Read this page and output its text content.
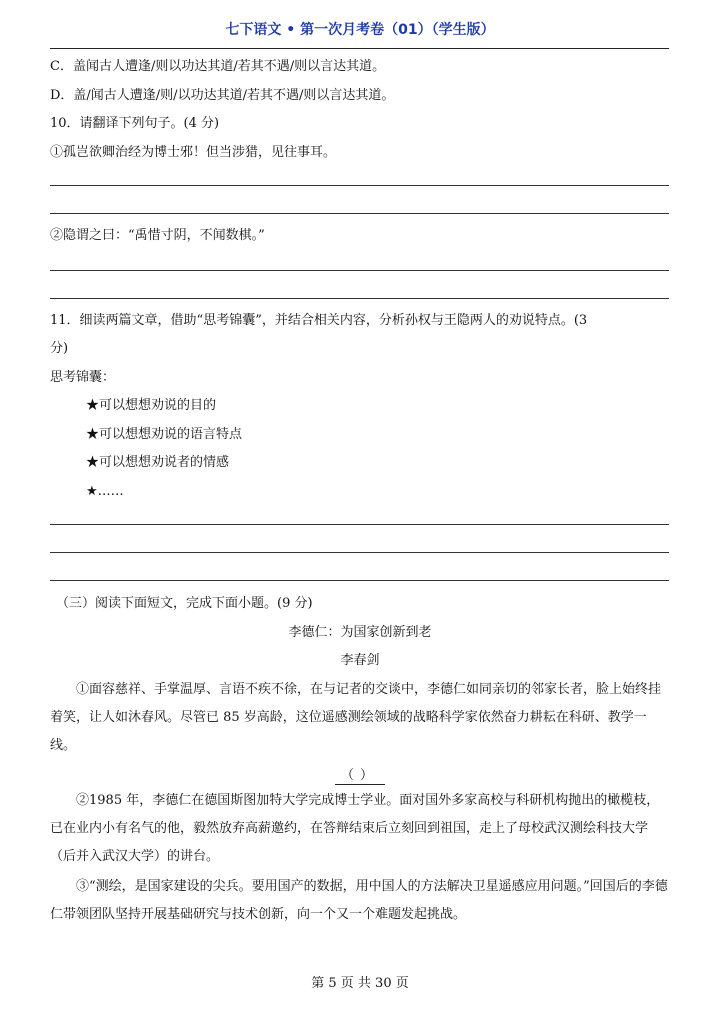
七下语文 • 第一次月考卷（01）（学生版）
C．盖闻古人遭逢/则以功达其道/若其不遇/则以言达其道。
D．盖/闻古人遭逢/则/以功达其道/若其不遇/则以言达其道。
10．请翻译下列句子。(4 分)
①孤岂欲卿治经为博士邪！但当涉猎，见往事耳。
②隐谓之曰：“禹惜寸阴，不闻数棋。”
11．细读两篇文章，借助“思考锦囊”，并结合相关内容，分析孙权与王隐两人的劝说特点。(3
分)
思考锦囊：
★可以想想劝说的目的
★可以想想劝说的语言特点
★可以想想劝说者的情感
★……
（三）阅读下面短文，完成下面小题。(9 分)
李德仁：为国家创新到老
李春剑

①面容慈祥、手掌温厚、言语不疾不徐，在与记者的交谈中，李德仁如同亲切的邻家长者，脸上始终挂着笑，让人如沐春风。尽管已 85 岁高龄，这位遥感测绘领域的战略科学家依然奋力耕耘在科研、教学一线。

（）

②1985 年，李德仁在德国斯图加特大学完成博士学业。面对国外多家高校与科研机构抛出的橄榄枝，已在业内小有名气的他，毅然放弃高薪邀约，在答辩结束后立刻回到祖国，走上了母校武汉测绘科技大学（后并入武汉大学）的讲台。

③“测绘，是国家建设的尖兵。要用国产的数据，用中国人的方法解决卫星遥感应用问题。”回国后的李德仁带领团队坚持开展基础研究与技术创新，向一个又一个难题发起挑战。

第 5 页 共 30 页
